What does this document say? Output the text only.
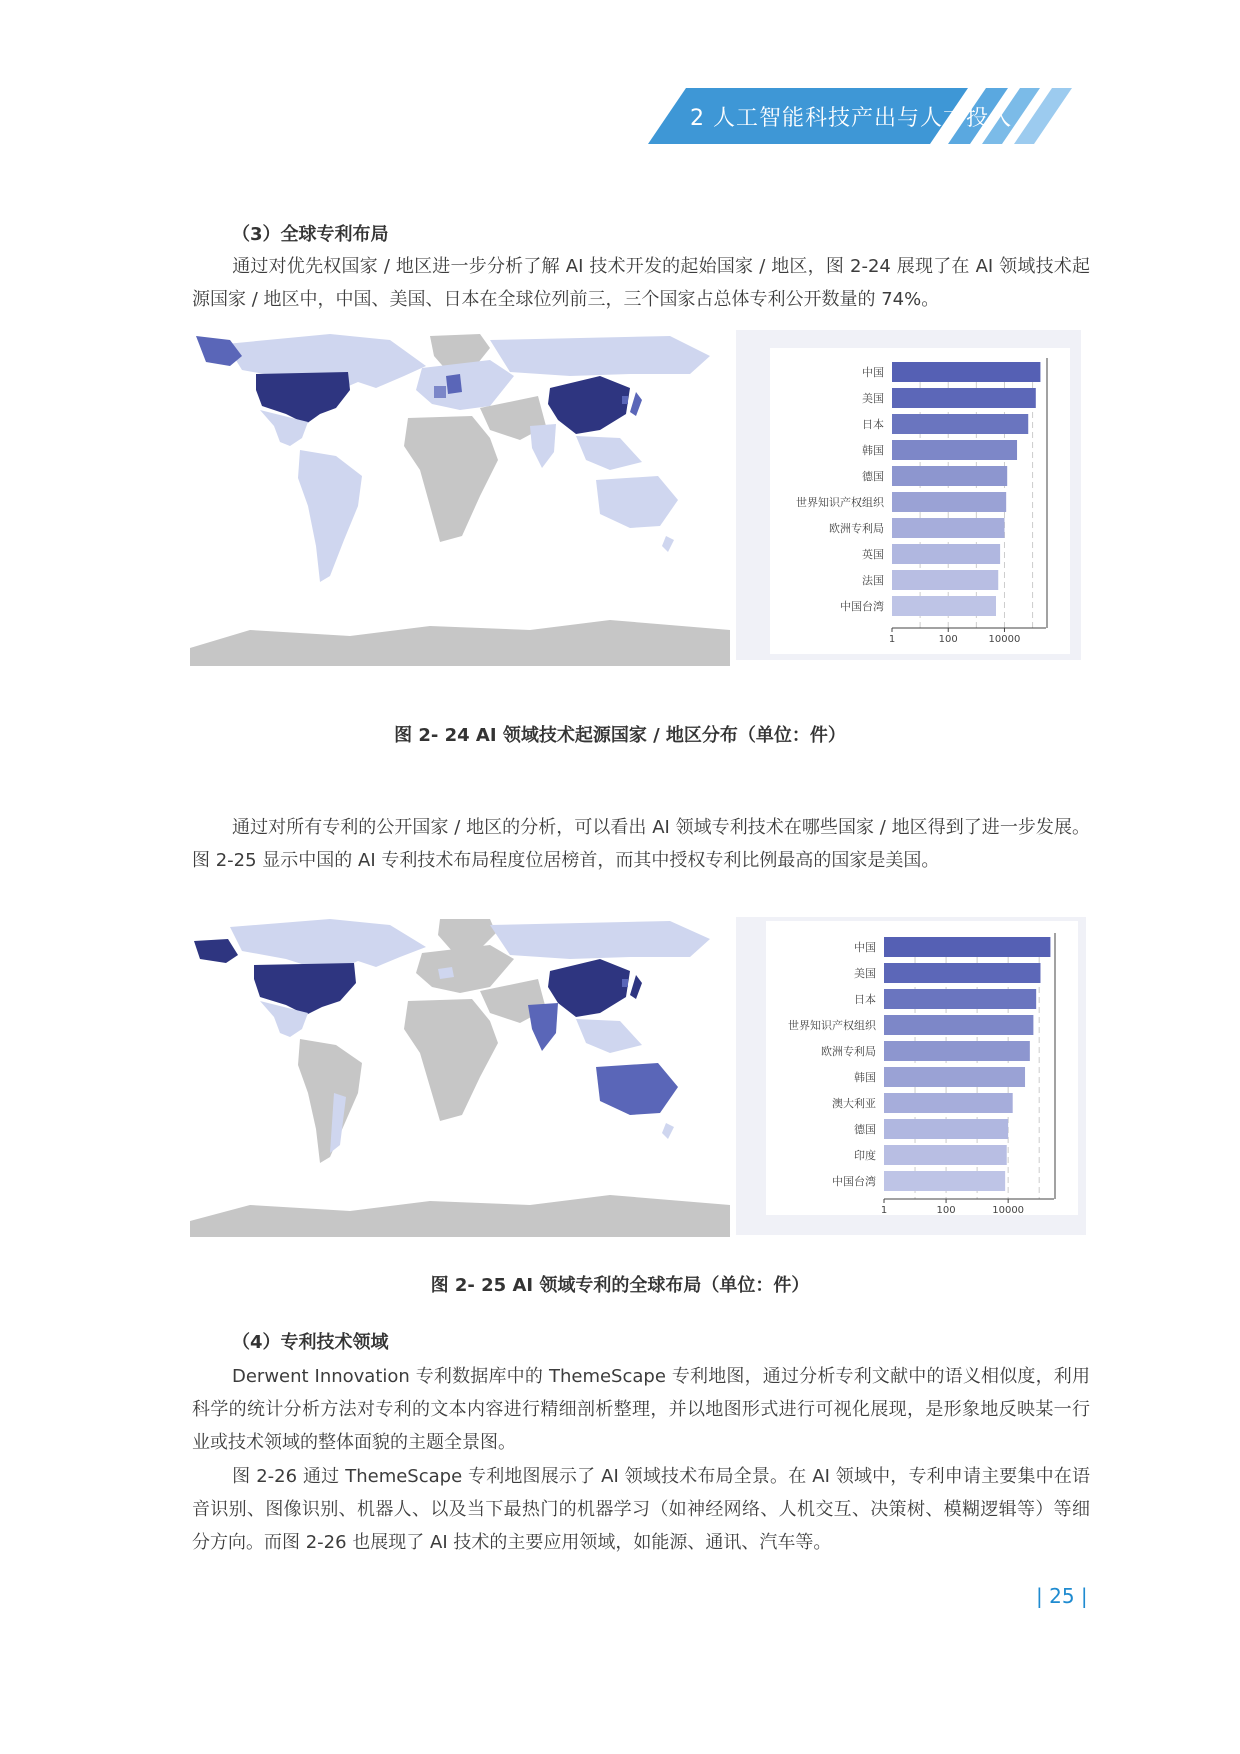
2 人工智能科技产出与人才投入
（3）全球专利布局
通过对优先权国家 / 地区进一步分析了解 AI 技术开发的起始国家 / 地区，图 2-24 展现了在 AI 领域技术起源国家 / 地区中，中国、美国、日本在全球位列前三，三个国家占总体专利公开数量的 74%。
中国
美国
日本
韩国
德国
世界知识产权组织
欧洲专利局
英国
法国
中国台湾
1	100	10000
图 2- 24 AI 领域技术起源国家 / 地区分布（单位：件）
通过对所有专利的公开国家 / 地区的分析，可以看出 AI 领域专利技术在哪些国家 / 地区得到了进一步发展。图 2-25 显示中国的 AI 专利技术布局程度位居榜首，而其中授权专利比例最高的国家是美国。
中国
美国
日本
世界知识产权组织
欧洲专利局
韩国
澳大利亚
德国
印度
中国台湾
1	100	10000
图 2- 25 AI 领域专利的全球布局（单位：件）
（4）专利技术领域
Derwent Innovation 专利数据库中的 ThemeScape 专利地图，通过分析专利文献中的语义相似度，利用科学的统计分析方法对专利的文本内容进行精细剖析整理，并以地图形式进行可视化展现，是形象地反映某一行业或技术领域的整体面貌的主题全景图。
图 2-26 通过 ThemeScape 专利地图展示了 AI 领域技术布局全景。在 AI 领域中，专利申请主要集中在语音识别、图像识别、机器人、以及当下最热门的机器学习（如神经网络、人机交互、决策树、模糊逻辑等）等细分方向。而图 2-26 也展现了 AI 技术的主要应用领域，如能源、通讯、汽车等。
| 25 |
